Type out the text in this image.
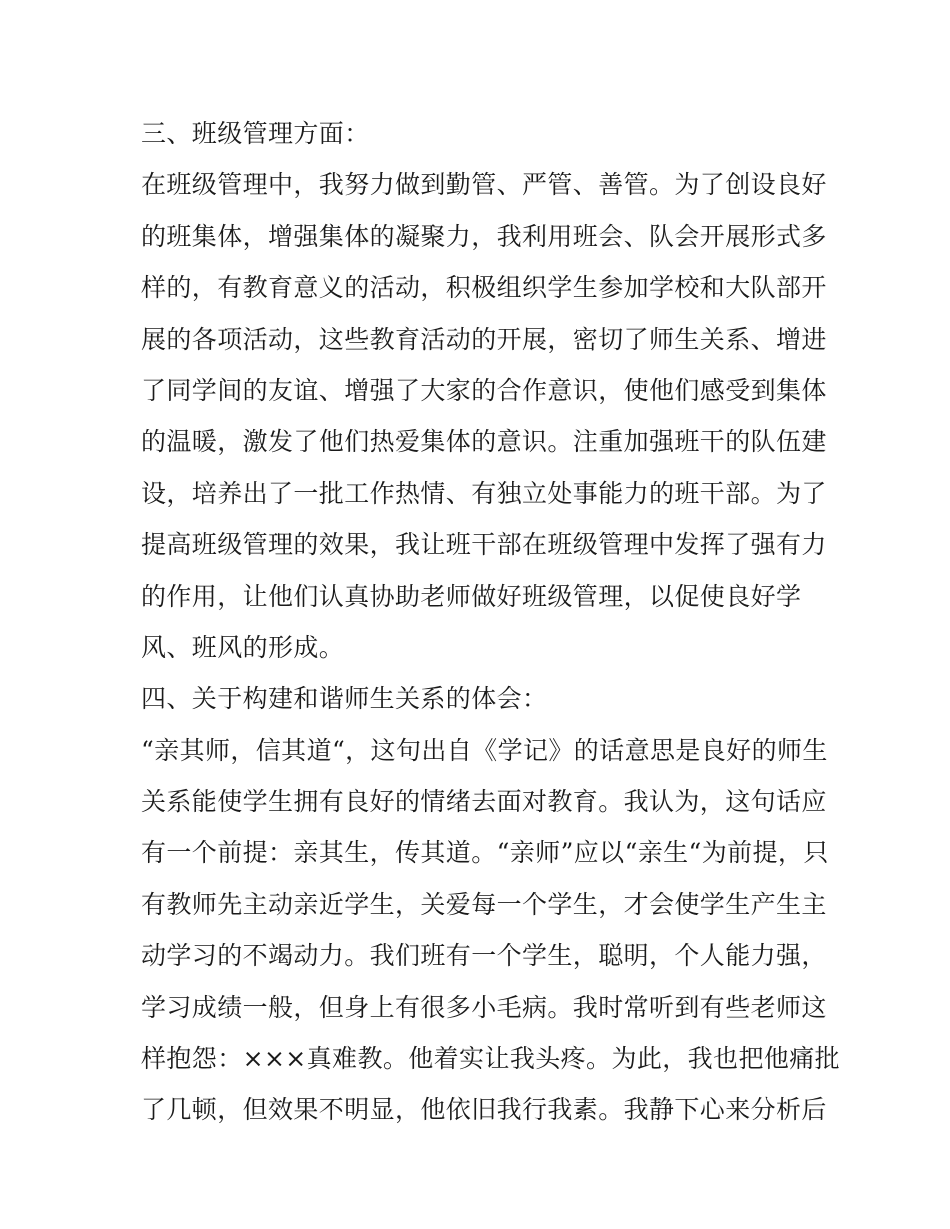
三、班级管理方面：
在班级管理中，我努力做到勤管、严管、善管。为了创设良好
的班集体，增强集体的凝聚力，我利用班会、队会开展形式多
样的，有教育意义的活动，积极组织学生参加学校和大队部开
展的各项活动，这些教育活动的开展，密切了师生关系、增进
了同学间的友谊、增强了大家的合作意识，使他们感受到集体
的温暖，激发了他们热爱集体的意识。注重加强班干的队伍建
设，培养出了一批工作热情、有独立处事能力的班干部。为了
提高班级管理的效果，我让班干部在班级管理中发挥了强有力
的作用，让他们认真协助老师做好班级管理，以促使良好学
风、班风的形成。
四、关于构建和谐师生关系的体会：
“亲其师，信其道“，这句出自《学记》的话意思是良好的师生
关系能使学生拥有良好的情绪去面对教育。我认为，这句话应
有一个前提：亲其生，传其道。“亲师”应以“亲生“为前提，只
有教师先主动亲近学生，关爱每一个学生，才会使学生产生主
动学习的不竭动力。我们班有一个学生，聪明，个人能力强，
学习成绩一般，但身上有很多小毛病。我时常听到有些老师这
样抱怨：×××真难教。他着实让我头疼。为此，我也把他痛批
了几顿，但效果不明显，他依旧我行我素。我静下心来分析后
